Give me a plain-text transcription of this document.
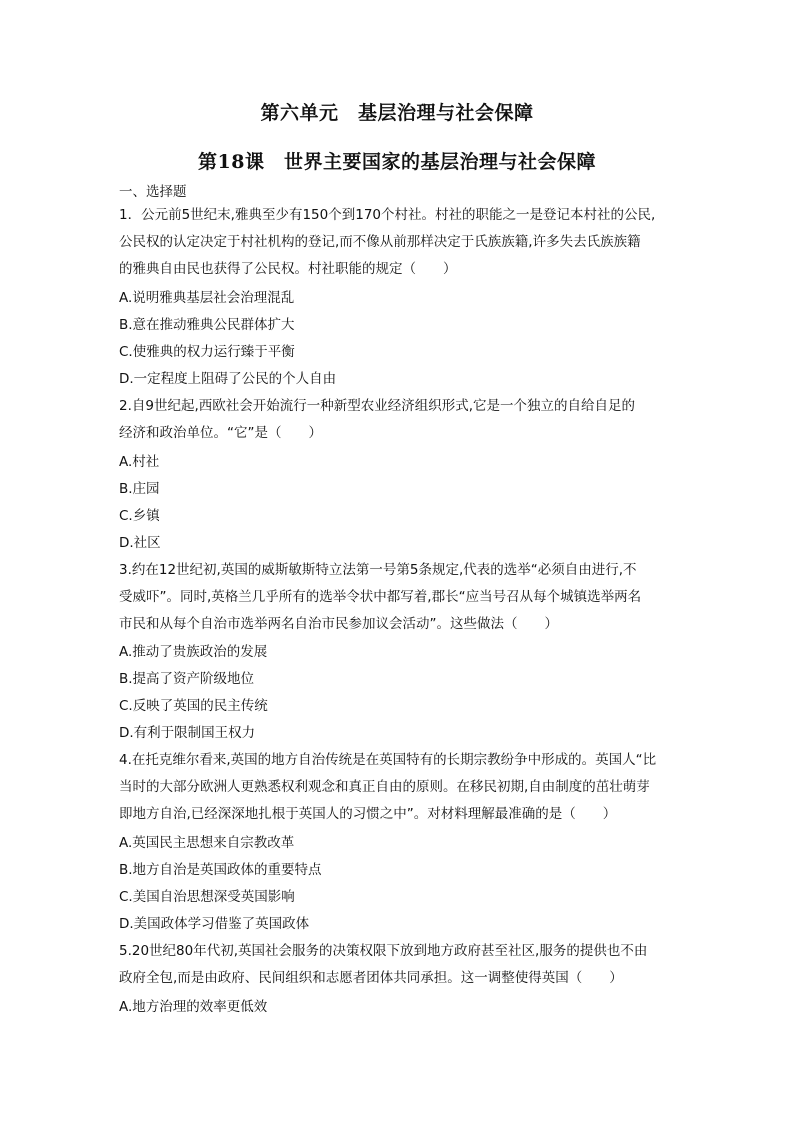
第六单元　基层治理与社会保障
第18课　世界主要国家的基层治理与社会保障
一、选择题
1．公元前5世纪末,雅典至少有150个到170个村社。村社的职能之一是登记本村社的公民,
公民权的认定决定于村社机构的登记,而不像从前那样决定于氏族族籍,许多失去氏族族籍
的雅典自由民也获得了公民权。村社职能的规定（　　）
A.说明雅典基层社会治理混乱
B.意在推动雅典公民群体扩大
C.使雅典的权力运行臻于平衡
D.一定程度上阻碍了公民的个人自由
2.自9世纪起,西欧社会开始流行一种新型农业经济组织形式,它是一个独立的自给自足的
经济和政治单位。“它”是（　　）
A.村社
B.庄园
C.乡镇
D.社区
3.约在12世纪初,英国的威斯敏斯特立法第一号第5条规定,代表的选举“必须自由进行,不
受威吓”。同时,英格兰几乎所有的选举令状中都写着,郡长“应当号召从每个城镇选举两名
市民和从每个自治市选举两名自治市民参加议会活动”。这些做法（　　）
A.推动了贵族政治的发展
B.提高了资产阶级地位
C.反映了英国的民主传统
D.有利于限制国王权力
4.在托克维尔看来,英国的地方自治传统是在英国特有的长期宗教纷争中形成的。英国人“比
当时的大部分欧洲人更熟悉权利观念和真正自由的原则。在移民初期,自由制度的茁壮萌芽
即地方自治,已经深深地扎根于英国人的习惯之中”。对材料理解最准确的是（　　）
A.英国民主思想来自宗教改革
B.地方自治是英国政体的重要特点
C.美国自治思想深受英国影响
D.美国政体学习借鉴了英国政体
5.20世纪80年代初,英国社会服务的决策权限下放到地方政府甚至社区,服务的提供也不由
政府全包,而是由政府、民间组织和志愿者团体共同承担。这一调整使得英国（　　）
A.地方治理的效率更低效
